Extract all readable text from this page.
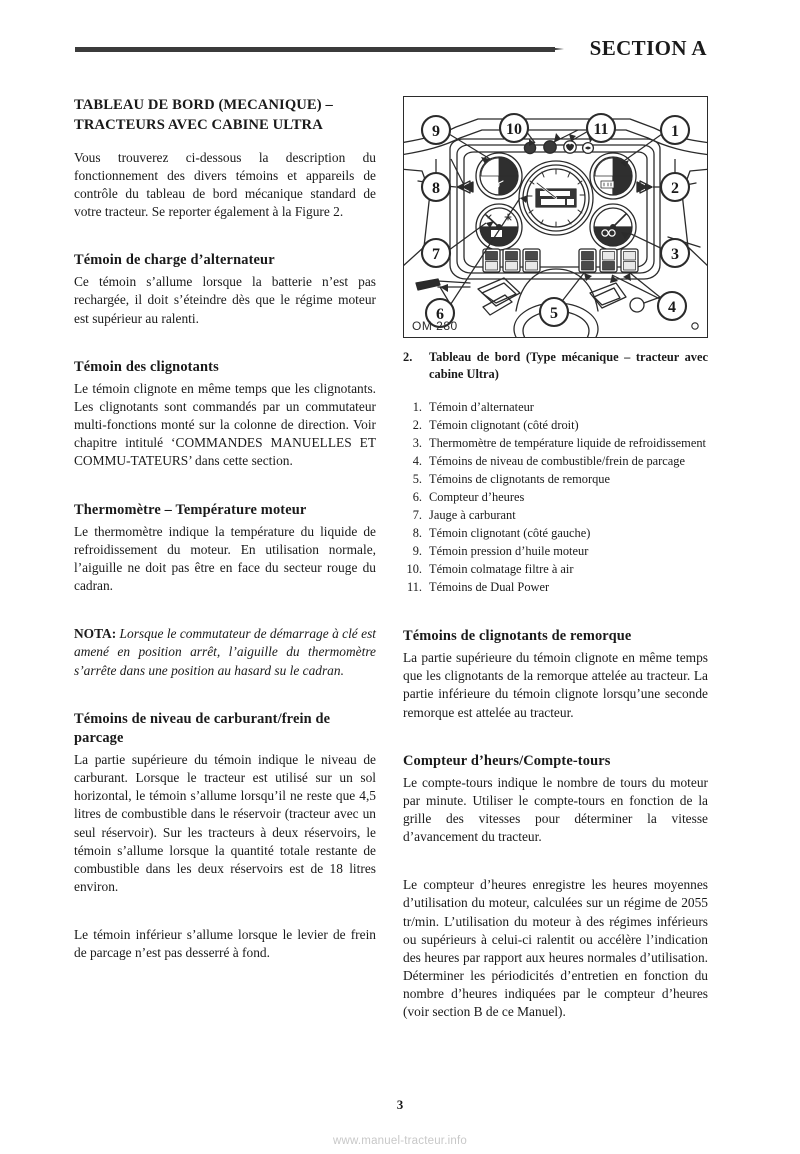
SECTION A
TABLEAU DE BORD (MECANIQUE) – TRACTEURS AVEC CABINE ULTRA

Vous trouverez ci-dessous la description du fonctionnement des divers témoins et appareils de contrôle du tableau de bord mécanique standard de votre tracteur. Se reporter également à la Figure 2.

Témoin de charge d’alternateur

Ce témoin s’allume lorsque la batterie n’est pas rechargée, il doit s’éteindre dès que le régime moteur est supérieur au ralenti.

Témoin des clignotants

Le témoin clignote en même temps que les clignotants. Les clignotants sont commandés par un commutateur multi-fonctions monté sur la colonne de direction. Voir chapitre intitulé ‘COMMANDES MANUELLES ET COMMU-TATEURS’ dans cette section.

Thermomètre – Température moteur

Le thermomètre indique la température du liquide de refroidissement du moteur. En utilisation normale, l’aiguille ne doit pas être en face du secteur rouge du cadran.

NOTA: Lorsque le commutateur de démarrage à clé est amené en position arrêt, l’aiguille du thermomètre s’arrête dans une position au hasard su le cadran.

Témoins de niveau de carburant/frein de parcage

La partie supérieure du témoin indique le niveau de carburant. Lorsque le tracteur est utilisé sur un sol horizontal, le témoin s’allume lorsqu’il ne reste que 4,5 litres de combustible dans le réservoir (tracteur avec un seul réservoir). Sur les tracteurs à deux réservoirs, le témoin s’allume lorsque la quantité totale restante de combustible dans les deux réservoirs est de 18 litres environ.

Le témoin inférieur s’allume lorsque le levier de frein de parcage n’est pas desserré à fond.

9	10	11	1
8	2
7	3
6	5	4
OM 280
2.	Tableau de bord (Type mécanique – tracteur avec cabine Ultra)
1. Témoin d’alternateur
2. Témoin clignotant (côté droit)
3. Thermomètre de température liquide de refroidissement
4. Témoins de niveau de combustible/frein de parcage
5. Témoins de clignotants de remorque
6. Compteur d’heures
7. Jauge à carburant
8. Témoin clignotant (côté gauche)
9. Témoin pression d’huile moteur
10. Témoin colmatage filtre à air
11. Témoins de Dual Power
Témoins de clignotants de remorque

La partie supérieure du témoin clignote en même temps que les clignotants de la remorque attelée au tracteur. La partie inférieure du témoin clignote lorsqu’une seconde remorque est attelée au tracteur.

Compteur d’heurs/Compte-tours

Le compte-tours indique le nombre de tours du moteur par minute. Utiliser le compte-tours en fonction de la grille des vitesses pour déterminer la vitesse d’avancement du tracteur.

Le compteur d’heures enregistre les heures moyennes d’utilisation du moteur, calculées sur un régime de 2055 tr/min. L’utilisation du moteur à des régimes inférieurs ou supérieurs à celui-ci ralentit ou accélère l’indication des heures par rapport aux heures normales d’utilisation. Déterminer les périodicités d’entretien en fonction du nombre d’heures indiquées par le compteur d’heures (voir section B de ce Manuel).

3
www.manuel-tracteur.info
